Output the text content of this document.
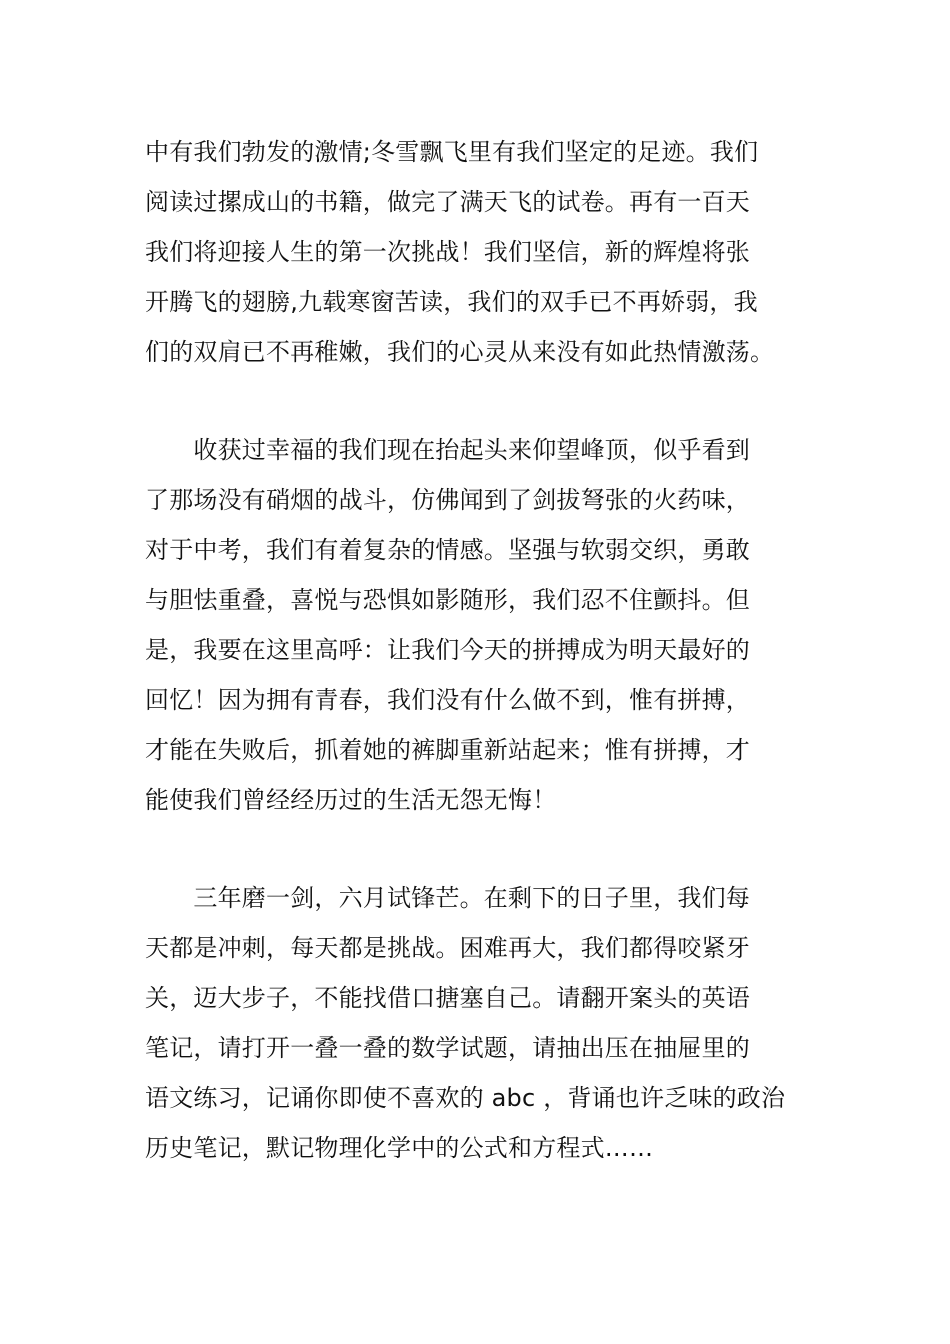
中有我们勃发的激情;冬雪飘飞里有我们坚定的足迹。我们
阅读过摞成山的书籍，做完了满天飞的试卷。再有一百天
我们将迎接人生的第一次挑战！我们坚信，新的辉煌将张
开腾飞的翅膀,九载寒窗苦读，我们的双手已不再娇弱，我
们的双肩已不再稚嫩，我们的心灵从来没有如此热情激荡。
　　收获过幸福的我们现在抬起头来仰望峰顶，似乎看到
了那场没有硝烟的战斗，仿佛闻到了剑拔弩张的火药味，
对于中考，我们有着复杂的情感。坚强与软弱交织，勇敢
与胆怯重叠，喜悦与恐惧如影随形，我们忍不住颤抖。但
是，我要在这里高呼：让我们今天的拼搏成为明天最好的
回忆！因为拥有青春，我们没有什么做不到，惟有拼搏，
才能在失败后，抓着她的裤脚重新站起来；惟有拼搏，才
能使我们曾经经历过的生活无怨无悔！
　　三年磨一剑，六月试锋芒。在剩下的日子里，我们每
天都是冲刺，每天都是挑战。困难再大，我们都得咬紧牙
关，迈大步子，不能找借口搪塞自己。请翻开案头的英语
笔记，请打开一叠一叠的数学试题，请抽出压在抽屉里的
语文练习，记诵你即使不喜欢的 abc ，背诵也许乏味的政治
历史笔记，默记物理化学中的公式和方程式……
